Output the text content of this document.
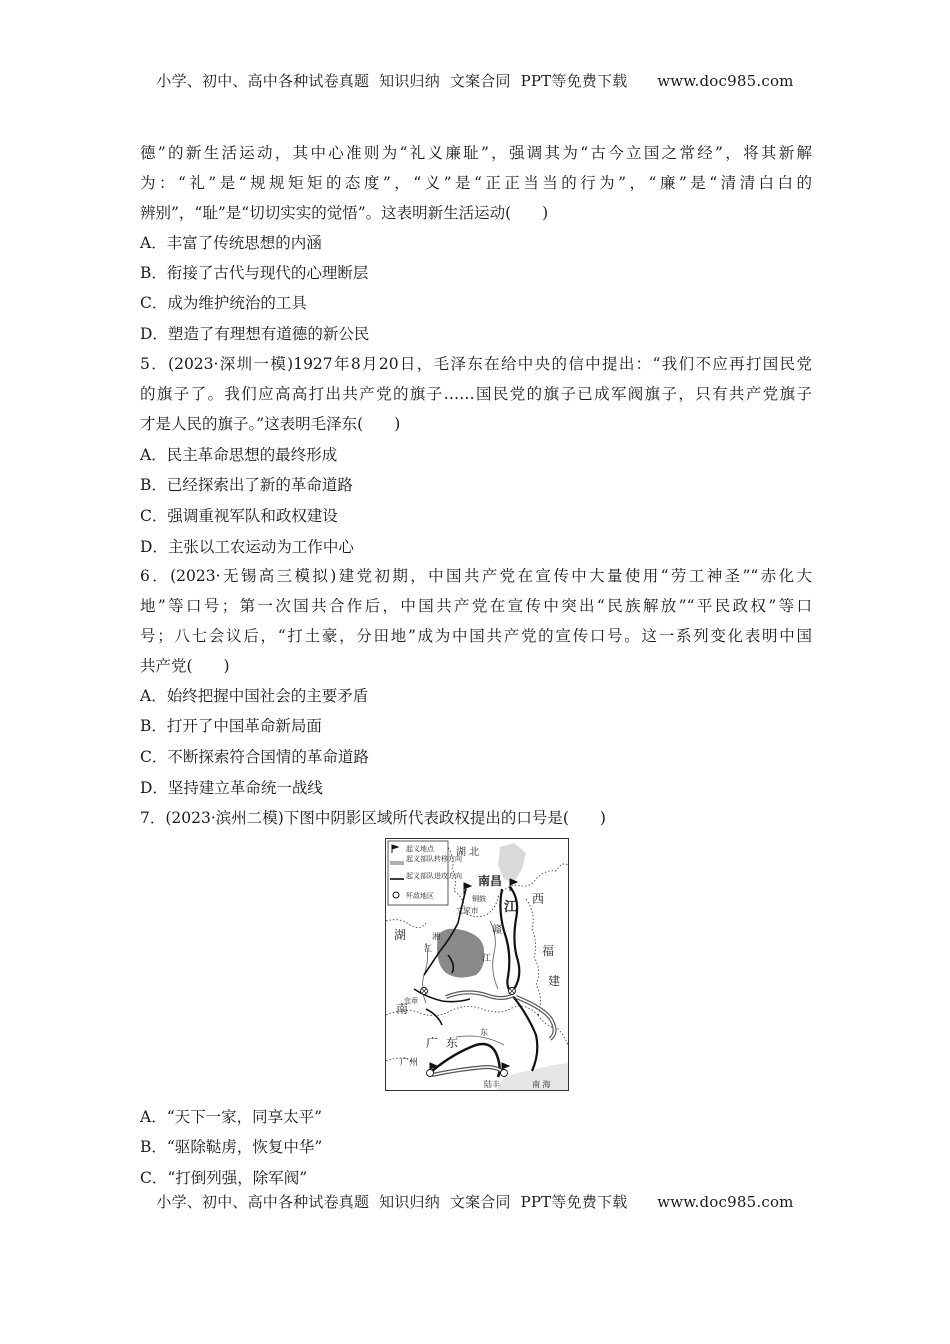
小学、初中、高中各种试卷真题  知识归纳  文案合同  PPT等免费下载      www.doc985.com
德”的新生活运动，其中心准则为“礼义廉耻”，强调其为“古今立国之常经”，将其新解
为：“礼”是“规规矩矩的态度”，“义”是“正正当当的行为”，“廉”是“清清白白的
辨别”，“耻”是“切切实实的觉悟”。这表明新生活运动(　　)
A．丰富了传统思想的内涵
B．衔接了古代与现代的心理断层
C．成为维护统治的工具
D．塑造了有理想有道德的新公民
5．(2023·深圳一模)1927年8月20日，毛泽东在给中央的信中提出：“我们不应再打国民党
的旗子了。我们应高高打出共产党的旗子……国民党的旗子已成军阀旗子，只有共产党旗子
才是人民的旗子。”这表明毛泽东(　　)
A．民主革命思想的最终形成
B．已经探索出了新的革命道路
C．强调重视军队和政权建设
D．主张以工农运动为工作中心
6．(2023·无锡高三模拟)建党初期，中国共产党在宣传中大量使用“劳工神圣”“赤化大
地”等口号；第一次国共合作后，中国共产党在宣传中突出“民族解放”“平民政权”等口
号；八七会议后，“打土豪，分田地”成为中国共产党的宣传口号。这一系列变化表明中国
共产党(　　)
A．始终把握中国社会的主要矛盾
B．打开了中国革命新局面
C．不断探索符合国情的革命道路
D．坚持建立革命统一战线
7．(2023·滨州二模)下图中阴影区域所代表政权提出的口号是(　　)
A．“天下一家，同享太平”
B．“驱除鞑虏，恢复中华”
C．“打倒列强，除军阀”
起义地点
起义部队转移方向
起义部队进攻方向
歼敌地区
湖 北
南昌
江
西
铜鼓
文家市
赣
湖
南
湘
江
江
福
建
宜章
广 东
东
广州
陆丰	南 海
小学、初中、高中各种试卷真题  知识归纳  文案合同  PPT等免费下载      www.doc985.com
